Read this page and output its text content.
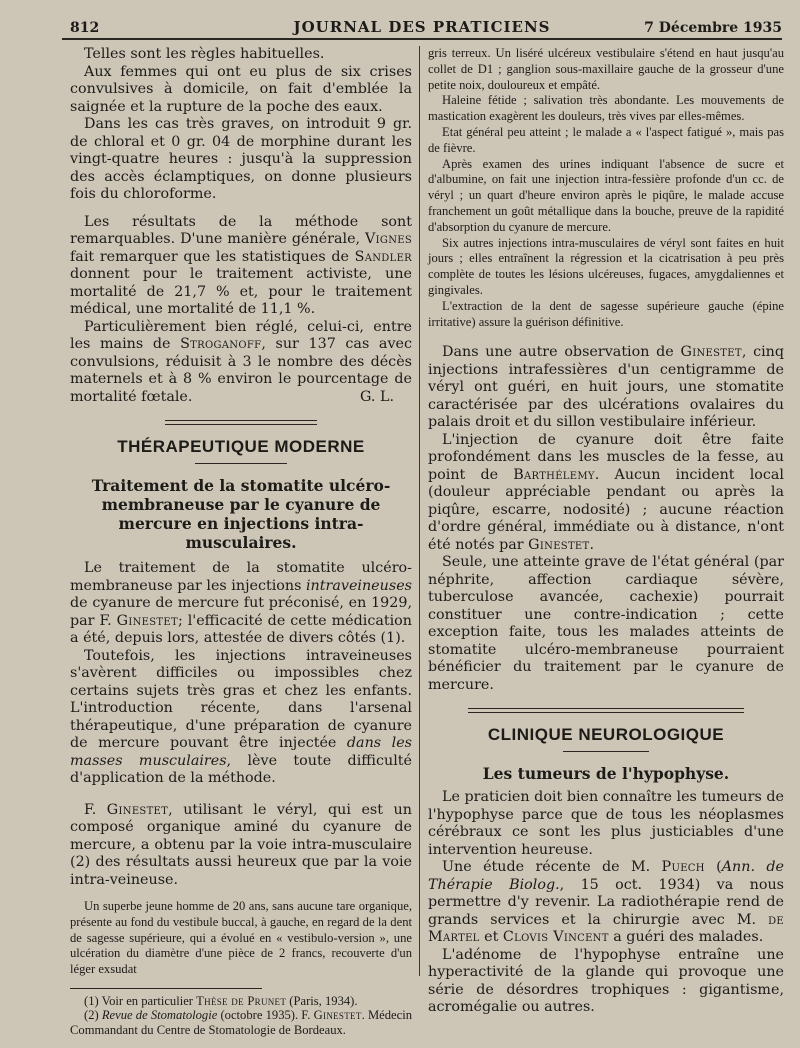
812	JOURNAL DES PRATICIENS	7 Décembre 1935

Telles sont les règles habituelles.

Aux femmes qui ont eu plus de six crises convulsives à domicile, on fait d'emblée la saignée et la rupture de la poche des eaux.

Dans les cas très graves, on introduit 9 gr. de chloral et 0 gr. 04 de morphine durant les vingt-quatre heures : jusqu'à la suppression des accès éclamptiques, on donne plusieurs fois du chloroforme.

Les résultats de la méthode sont remarquables. D'une manière générale, Vignes fait remarquer que les statistiques de Sandler donnent pour le traitement activiste, une mortalité de 21,7 % et, pour le traitement médical, une mortalité de 11,1 %.

Particulièrement bien réglé, celui-ci, entre les mains de Stroganoff, sur 137 cas avec convulsions, réduisit à 3 le nombre des décès maternels et à 8 % environ le pourcentage de mortalité fœtale.	G. L.

THÉRAPEUTIQUE MODERNE
Traitement de la stomatite ulcéro-membraneuse par le cyanure de mercure en injections intra-musculaires.

Le traitement de la stomatite ulcéro-membraneuse par les injections intraveineuses de cyanure de mercure fut préconisé, en 1929, par F. Ginestet; l'efficacité de cette médication a été, depuis lors, attestée de divers côtés (1).

Toutefois, les injections intraveineuses s'avèrent difficiles ou impossibles chez certains sujets très gras et chez les enfants. L'introduction récente, dans l'arsenal thérapeutique, d'une préparation de cyanure de mercure pouvant être injectée dans les masses musculaires, lève toute difficulté d'application de la méthode.

F. Ginestet, utilisant le véryl, qui est un composé organique aminé du cyanure de mercure, a obtenu par la voie intra-musculaire (2) des résultats aussi heureux que par la voie intra-veineuse.

Un superbe jeune homme de 20 ans, sans aucune tare organique, présente au fond du vestibule buccal, à gauche, en regard de la dent de sagesse supérieure, qui a évolué en « vestibulo-version », une ulcération du diamètre d'une pièce de 2 francs, recouverte d'un léger exsudat

(1) Voir en particulier Thèse de Prunet (Paris, 1934).

(2) Revue de Stomatologie (octobre 1935). F. Ginestet. Médecin Commandant du Centre de Stomatologie de Bordeaux.

gris terreux. Un liséré ulcéreux vestibulaire s'étend en haut jusqu'au collet de D1 ; ganglion sous-maxillaire gauche de la grosseur d'une petite noix, douloureux et empâté.

Haleine fétide ; salivation très abondante. Les mouvements de mastication exagèrent les douleurs, très vives par elles-mêmes.

Etat général peu atteint ; le malade a « l'aspect fatigué », mais pas de fièvre.

Après examen des urines indiquant l'absence de sucre et d'albumine, on fait une injection intra-fessière profonde d'un cc. de véryl ; un quart d'heure environ après le piqûre, le malade accuse franchement un goût métallique dans la bouche, preuve de la rapidité d'absorption du cyanure de mercure.

Six autres injections intra-musculaires de véryl sont faites en huit jours ; elles entraînent la régression et la cicatrisation à peu près complète de toutes les lésions ulcéreuses, fugaces, amygdaliennes et gingivales.

L'extraction de la dent de sagesse supérieure gauche (épine irritative) assure la guérison définitive.

Dans une autre observation de Ginestet, cinq injections intrafessières d'un centigramme de véryl ont guéri, en huit jours, une stomatite caractérisée par des ulcérations ovalaires du palais droit et du sillon vestibulaire inférieur.

L'injection de cyanure doit être faite profondément dans les muscles de la fesse, au point de Barthélemy. Aucun incident local (douleur appréciable pendant ou après la piqûre, escarre, nodosité) ; aucune réaction d'ordre général, immédiate ou à distance, n'ont été notés par Ginestet.

Seule, une atteinte grave de l'état général (par néphrite, affection cardiaque sévère, tuberculose avancée, cachexie) pourrait constituer une contre-indication ; cette exception faite, tous les malades atteints de stomatite ulcéro-membraneuse pourraient bénéficier du traitement par le cyanure de mercure.

CLINIQUE NEUROLOGIQUE
Les tumeurs de l'hypophyse.

Le praticien doit bien connaître les tumeurs de l'hypophyse parce que de tous les néoplasmes cérébraux ce sont les plus justiciables d'une intervention heureuse.

Une étude récente de M. Puech (Ann. de Thérapie Biolog., 15 oct. 1934) va nous permettre d'y revenir. La radiothérapie rend de grands services et la chirurgie avec M. de Martel et Clovis Vincent a guéri des malades.

L'adénome de l'hypophyse entraîne une hyperactivité de la glande qui provoque une série de désordres trophiques : gigantisme, acromégalie ou autres.
